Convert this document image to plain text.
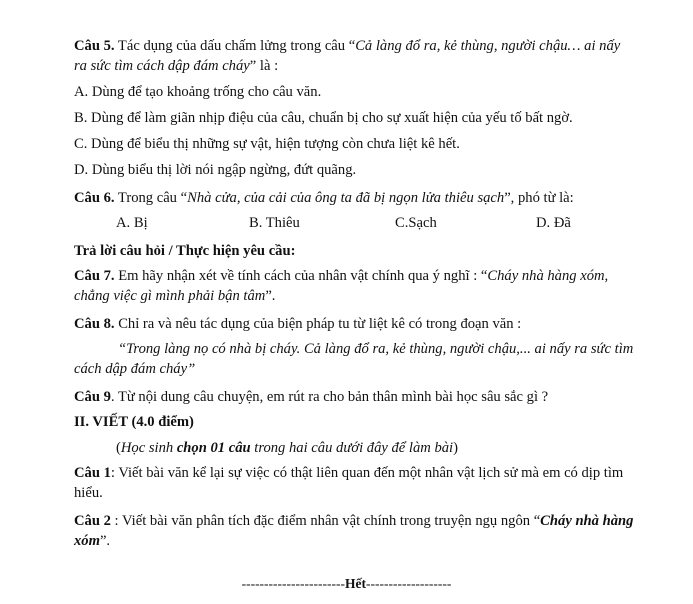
Câu 5. Tác dụng của dấu chấm lửng trong câu “Cả làng đổ ra, kẻ thùng, người chậu… ai nấy ra sức tìm cách dập đám cháy” là :

A. Dùng để tạo khoảng trống cho câu văn.

B. Dùng để làm giãn nhịp điệu của câu, chuẩn bị cho sự xuất hiện của yếu tố bất ngờ.

C. Dùng để biểu thị những sự vật, hiện tượng còn chưa liệt kê hết.

D. Dùng biểu thị lời nói ngập ngừng, đứt quãng.

Câu 6. Trong câu “Nhà cửa, của cải của ông ta đã bị ngọn lửa thiêu sạch”, phó từ là:

A. Bị	B. Thiêu	C.Sạch	D. Đã

Trả lời câu hỏi / Thực hiện yêu cầu:

Câu 7. Em hãy nhận xét về tính cách của nhân vật chính qua ý nghĩ : “Cháy nhà hàng xóm, chẳng việc gì mình phải bận tâm”.

Câu 8. Chỉ ra và nêu tác dụng của biện pháp tu từ liệt kê có trong đoạn văn :

“Trong làng nọ có nhà bị cháy. Cả làng đổ ra, kẻ thùng, người chậu,... ai nấy ra sức tìm cách dập đám cháy”

Câu 9. Từ nội dung câu chuyện, em rút ra cho bản thân mình bài học sâu sắc gì ?

II. VIẾT (4.0 điểm)

(Học sinh chọn 01 câu trong hai câu dưới đây để làm bài)

Câu 1: Viết bài văn kể lại sự việc có thật liên quan đến một nhân vật lịch sử mà em có dịp tìm hiểu.

Câu 2 : Viết bài văn phân tích đặc điểm nhân vật chính trong truyện ngụ ngôn “Cháy nhà hàng xóm”.

-----------------------Hết-------------------
